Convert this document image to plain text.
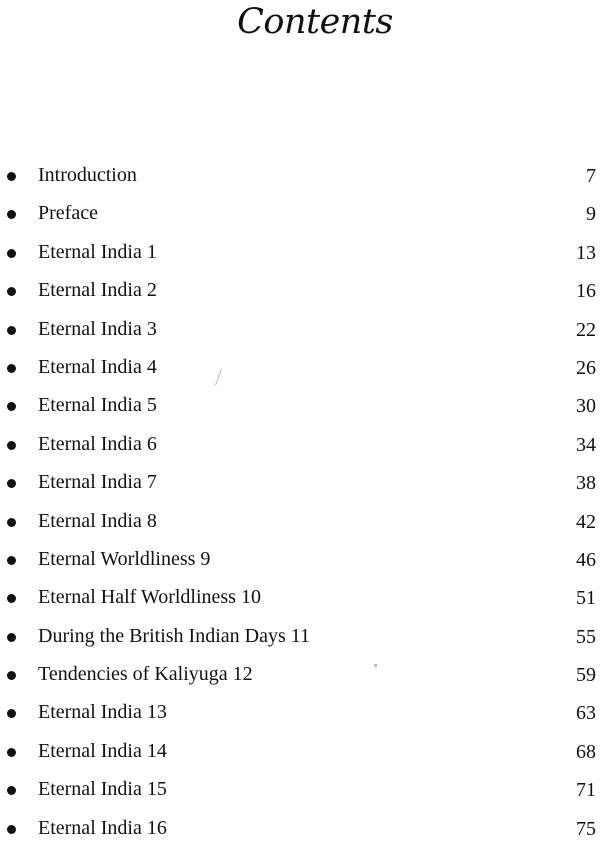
Contents
Introduction	7
Preface	9
Eternal India 1	13
Eternal India 2	16
Eternal India 3	22
Eternal India 4	26
Eternal India 5	30
Eternal India 6	34
Eternal India 7	38
Eternal India 8	42
Eternal Worldliness 9	46
Eternal Half Worldliness 10	51
During the British Indian Days 11	55
Tendencies of Kaliyuga 12	59
Eternal India 13	63
Eternal India 14	68
Eternal India 15	71
Eternal India 16	75
